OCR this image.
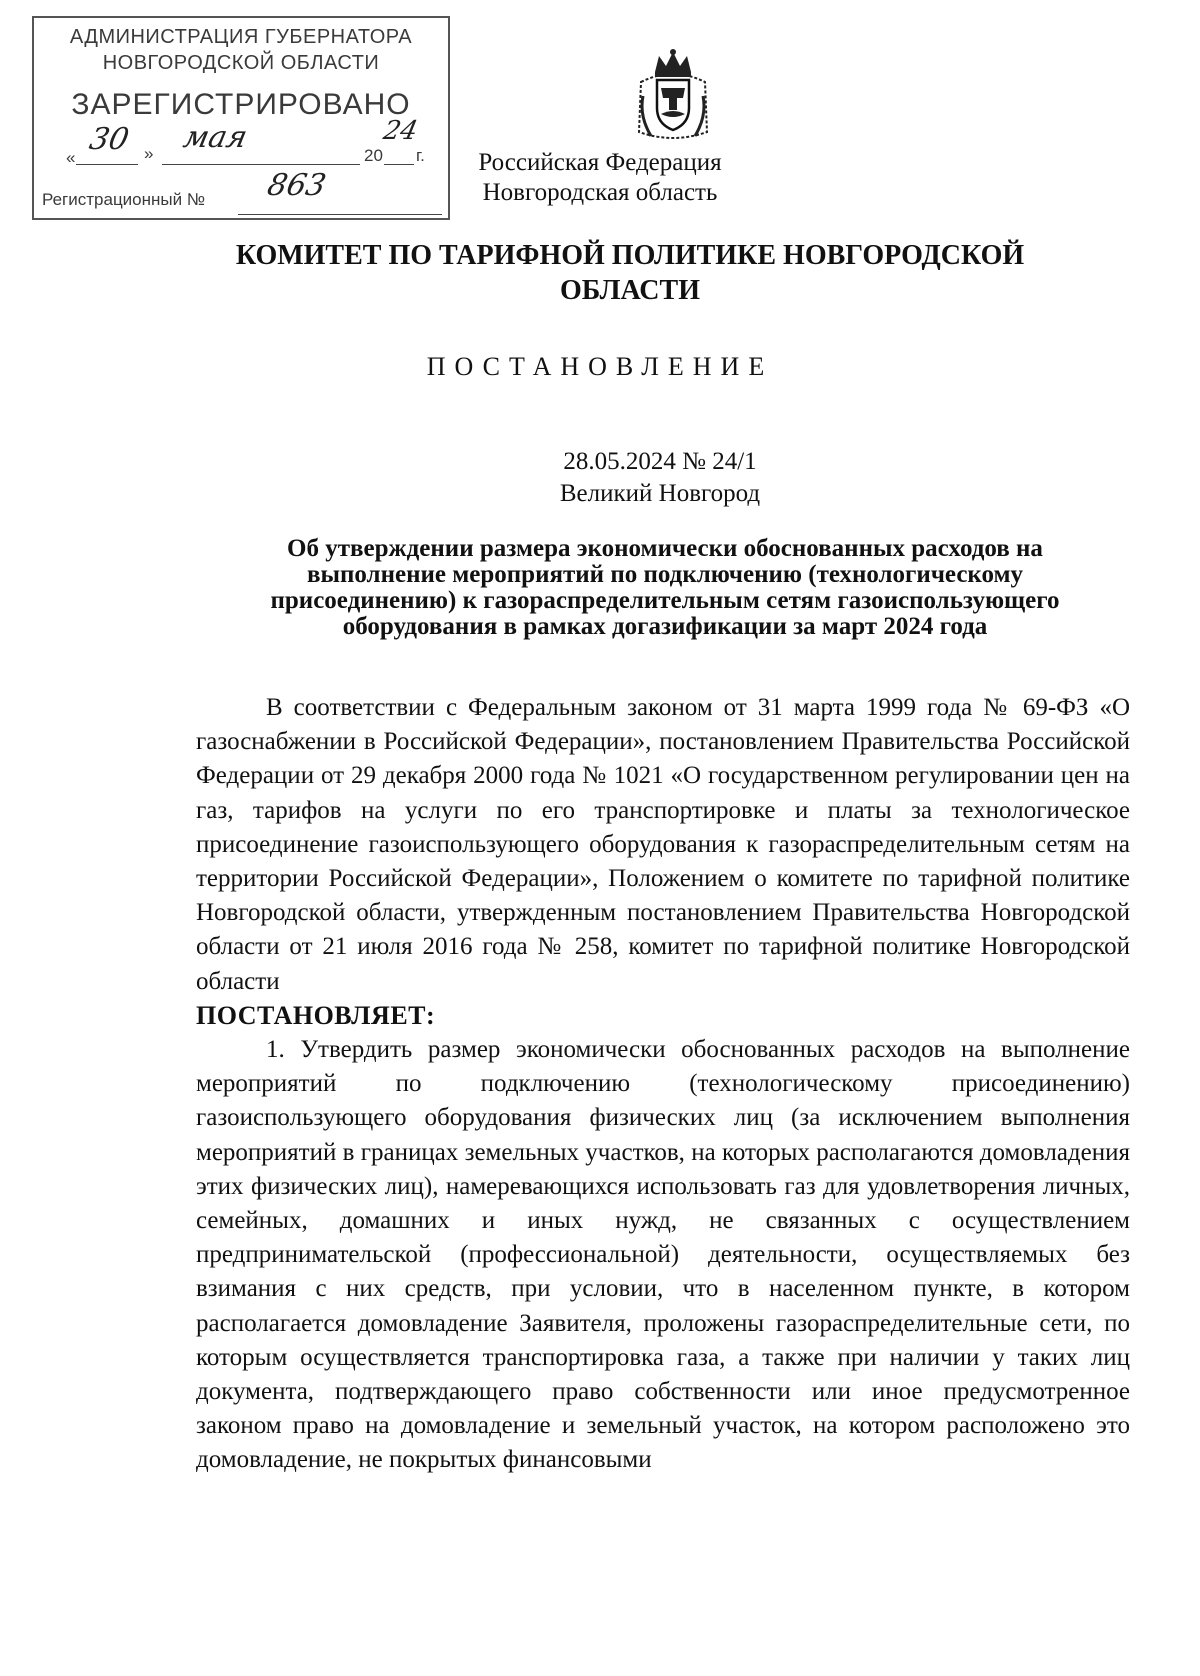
АДМИНИСТРАЦИЯ ГУБЕРНАТОРА
НОВГОРОДСКОЙ ОБЛАСТИ
ЗАРЕГИСТРИРОВАНО
«
30 » мая
20
24
г.
Регистрационный № 863
Российская Федерация
Новгородская область
КОМИТЕТ ПО ТАРИФНОЙ ПОЛИТИКЕ НОВГОРОДСКОЙ ОБЛАСТИ
ПОСТАНОВЛЕНИЕ
28.05.2024 № 24/1
Великий Новгород
Об утверждении размера экономически обоснованных расходов на выполнение мероприятий по подключению (технологическому присоединению) к газораспределительным сетям газоиспользующего оборудования в рамках догазификации за март 2024 года

В соответствии с Федеральным законом от 31 марта 1999 года № 69-ФЗ «О газоснабжении в Российской Федерации», постановлением Правительства Российской Федерации от 29 декабря 2000 года № 1021 «О государственном регулировании цен на газ, тарифов на услуги по его транспортировке и платы за технологическое присоединение газоиспользующего оборудования к газораспределительным сетям на территории Российской Федерации», Положением о комитете по тарифной политике Новгородской области, утвержденным постановлением Правительства Новгородской области от 21 июля 2016 года № 258, комитет по тарифной политике Новгородской области

ПОСТАНОВЛЯЕТ:

1. Утвердить размер экономически обоснованных расходов на выполнение мероприятий по подключению (технологическому присоединению) газоиспользующего оборудования физических лиц (за исключением выполнения мероприятий в границах земельных участков, на которых располагаются домовладения этих физических лиц), намеревающихся использовать газ для удовлетворения личных, семейных, домашних и иных нужд, не связанных с осуществлением предпринимательской (профессиональной) деятельности, осуществляемых без взимания с них средств, при условии, что в населенном пункте, в котором располагается домовладение Заявителя, проложены газораспределительные сети, по которым осуществляется транспортировка газа, а также при наличии у таких лиц документа, подтверждающего право собственности или иное предусмотренное законом право на домовладение и земельный участок, на котором расположено это домовладение, не покрытых финансовыми
